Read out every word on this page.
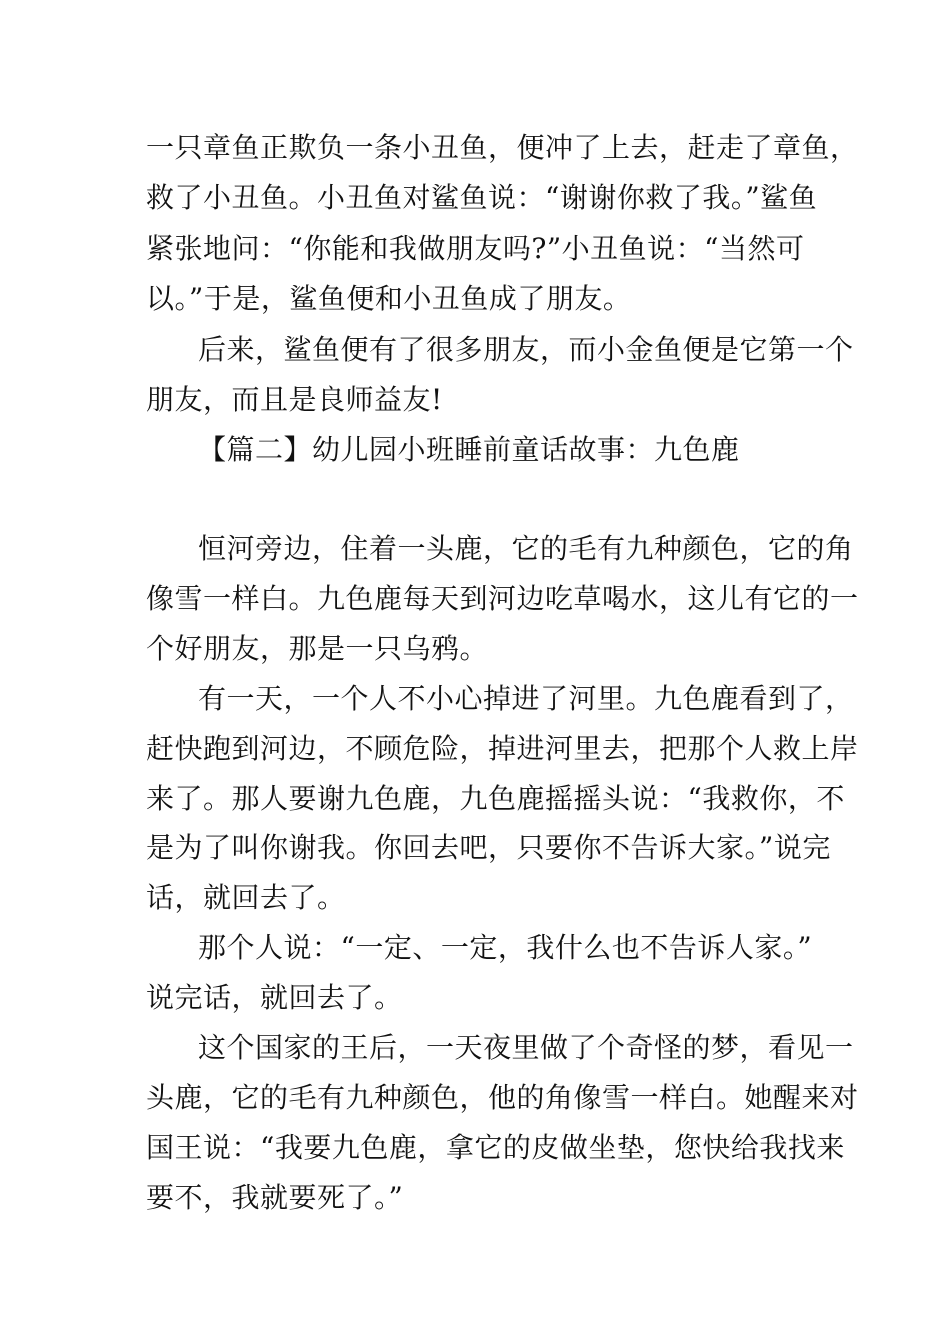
一只章鱼正欺负一条小丑鱼，便冲了上去，赶走了章鱼，
救了小丑鱼。小丑鱼对鲨鱼说：“谢谢你救了我。”鲨鱼
紧张地问：“你能和我做朋友吗?”小丑鱼说：“当然可
以。”于是，鲨鱼便和小丑鱼成了朋友。
后来，鲨鱼便有了很多朋友，而小金鱼便是它第一个
朋友，而且是良师益友!
【篇二】幼儿园小班睡前童话故事：九色鹿
恒河旁边，住着一头鹿，它的毛有九种颜色，它的角
像雪一样白。九色鹿每天到河边吃草喝水，这儿有它的一
个好朋友，那是一只乌鸦。
有一天，一个人不小心掉进了河里。九色鹿看到了，
赶快跑到河边，不顾危险，掉进河里去，把那个人救上岸
来了。那人要谢九色鹿，九色鹿摇摇头说：“我救你，不
是为了叫你谢我。你回去吧，只要你不告诉大家。”说完
话，就回去了。
那个人说：“一定、一定，我什么也不告诉人家。”
说完话，就回去了。
这个国家的王后，一天夜里做了个奇怪的梦，看见一
头鹿，它的毛有九种颜色，他的角像雪一样白。她醒来对
国王说：“我要九色鹿，拿它的皮做坐垫，您快给我找来
要不，我就要死了。”
